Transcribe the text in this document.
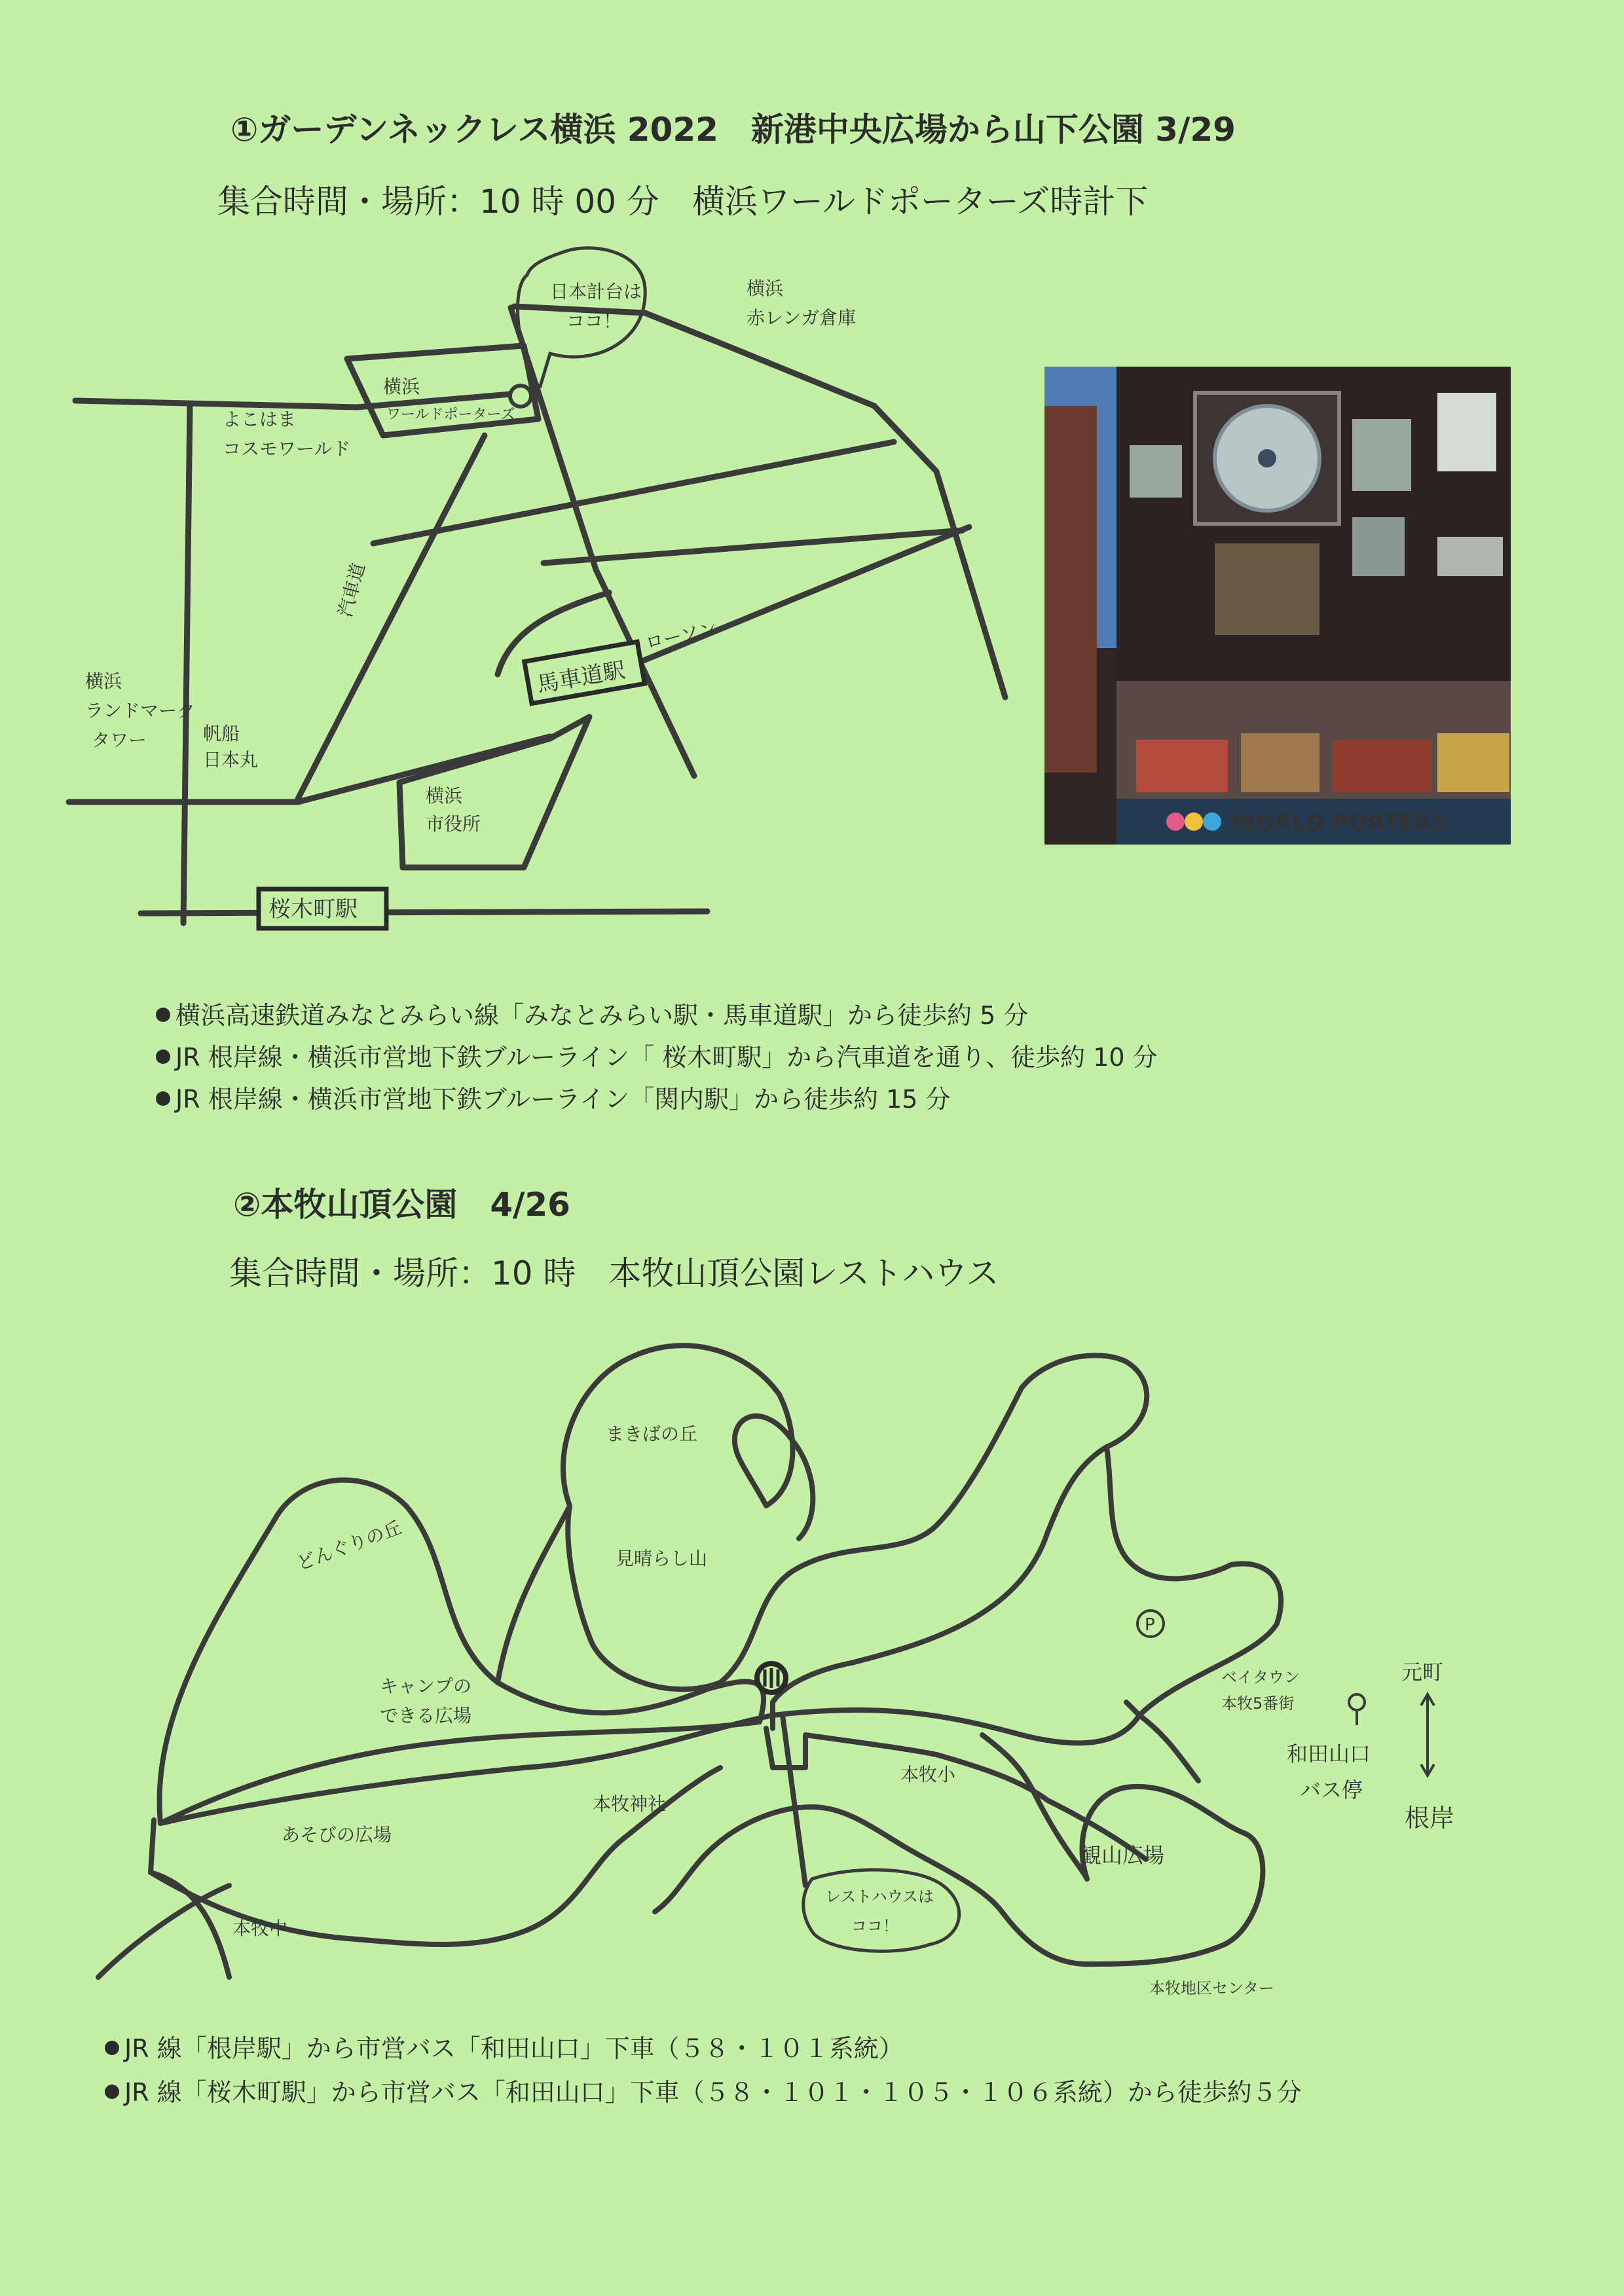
①ガーデンネックレス横浜 2022　新港中央広場から山下公園 3/29
集合時間・場所：10 時 00 分　横浜ワールドポーターズ時計下
日本計台は
ココ！
横浜
赤レンガ倉庫
横浜
ワールドポーターズ
よこはま
コスモワールド
汽車道
ローソン
馬車道駅
横浜
ランドマーク
タワー	帆船
日本丸
横浜
市役所
桜木町駅
WORLD PORTERS
横浜高速鉄道みなとみらい線「みなとみらい駅・馬車道駅」から徒歩約 5 分
JR 根岸線・横浜市営地下鉄ブルーライン「 桜木町駅」から汽車道を通り、徒歩約 10 分
JR 根岸線・横浜市営地下鉄ブルーライン「関内駅」から徒歩約 15 分
②本牧山頂公園　4/26
集合時間・場所：10 時　本牧山頂公園レストハウス
P
まきばの丘
どんぐりの丘	見晴らし山
キャンプの
できる広場
あそびの広場
本牧神社
本牧小
観山広場
本牧中
本牧地区センター
レストハウスは
ココ！
ベイタウン
本牧5番街
和田山口
バス停
元町
根岸
JR 線「根岸駅」から市営バス「和田山口」下車（５８・１０１系統）
JR 線「桜木町駅」から市営バス「和田山口」下車（５８・１０１・１０５・１０６系統）から徒歩約５分
